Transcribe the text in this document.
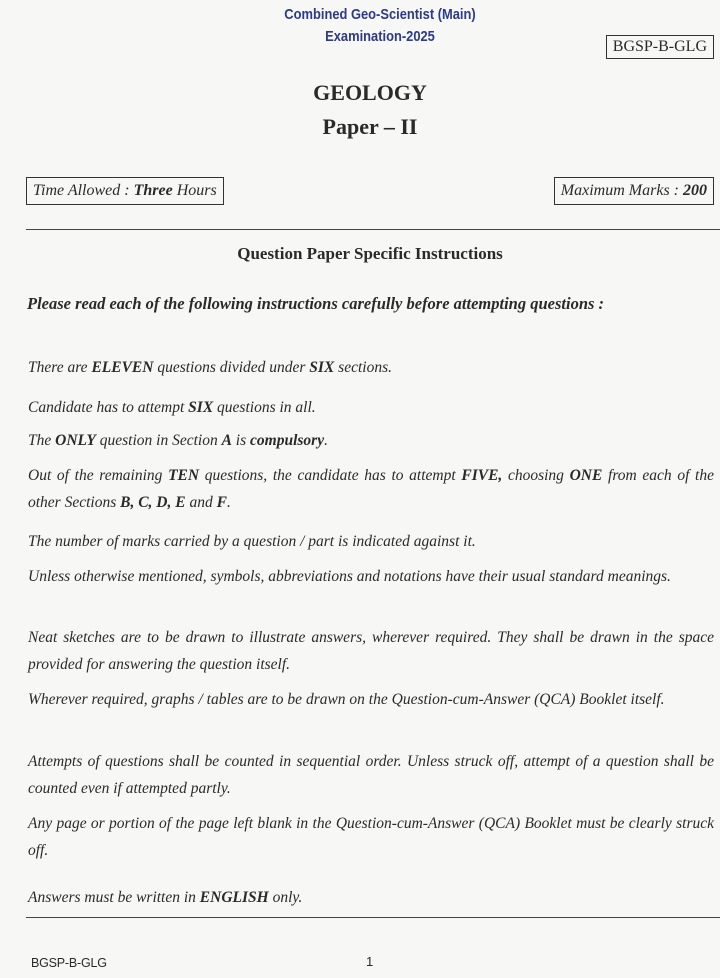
Combined Geo-Scientist (Main)
Examination-2025
BGSP-B-GLG
GEOLOGY
Paper – II
Time Allowed : Three Hours	Maximum Marks : 200
Question Paper Specific Instructions
Please read each of the following instructions carefully before attempting questions :
There are ELEVEN questions divided under SIX sections.
Candidate has to attempt SIX questions in all.
The ONLY question in Section A is compulsory.
Out of the remaining TEN questions, the candidate has to attempt FIVE, choosing ONE from each of the other Sections B, C, D, E and F.
The number of marks carried by a question / part is indicated against it.
Unless otherwise mentioned, symbols, abbreviations and notations have their usual standard meanings.
Neat sketches are to be drawn to illustrate answers, wherever required. They shall be drawn in the space provided for answering the question itself.
Wherever required, graphs / tables are to be drawn on the Question-cum-Answer (QCA) Booklet itself.
Attempts of questions shall be counted in sequential order. Unless struck off, attempt of a question shall be counted even if attempted partly.
Any page or portion of the page left blank in the Question-cum-Answer (QCA) Booklet must be clearly struck off.
Answers must be written in ENGLISH only.
BGSP-B-GLG	1
